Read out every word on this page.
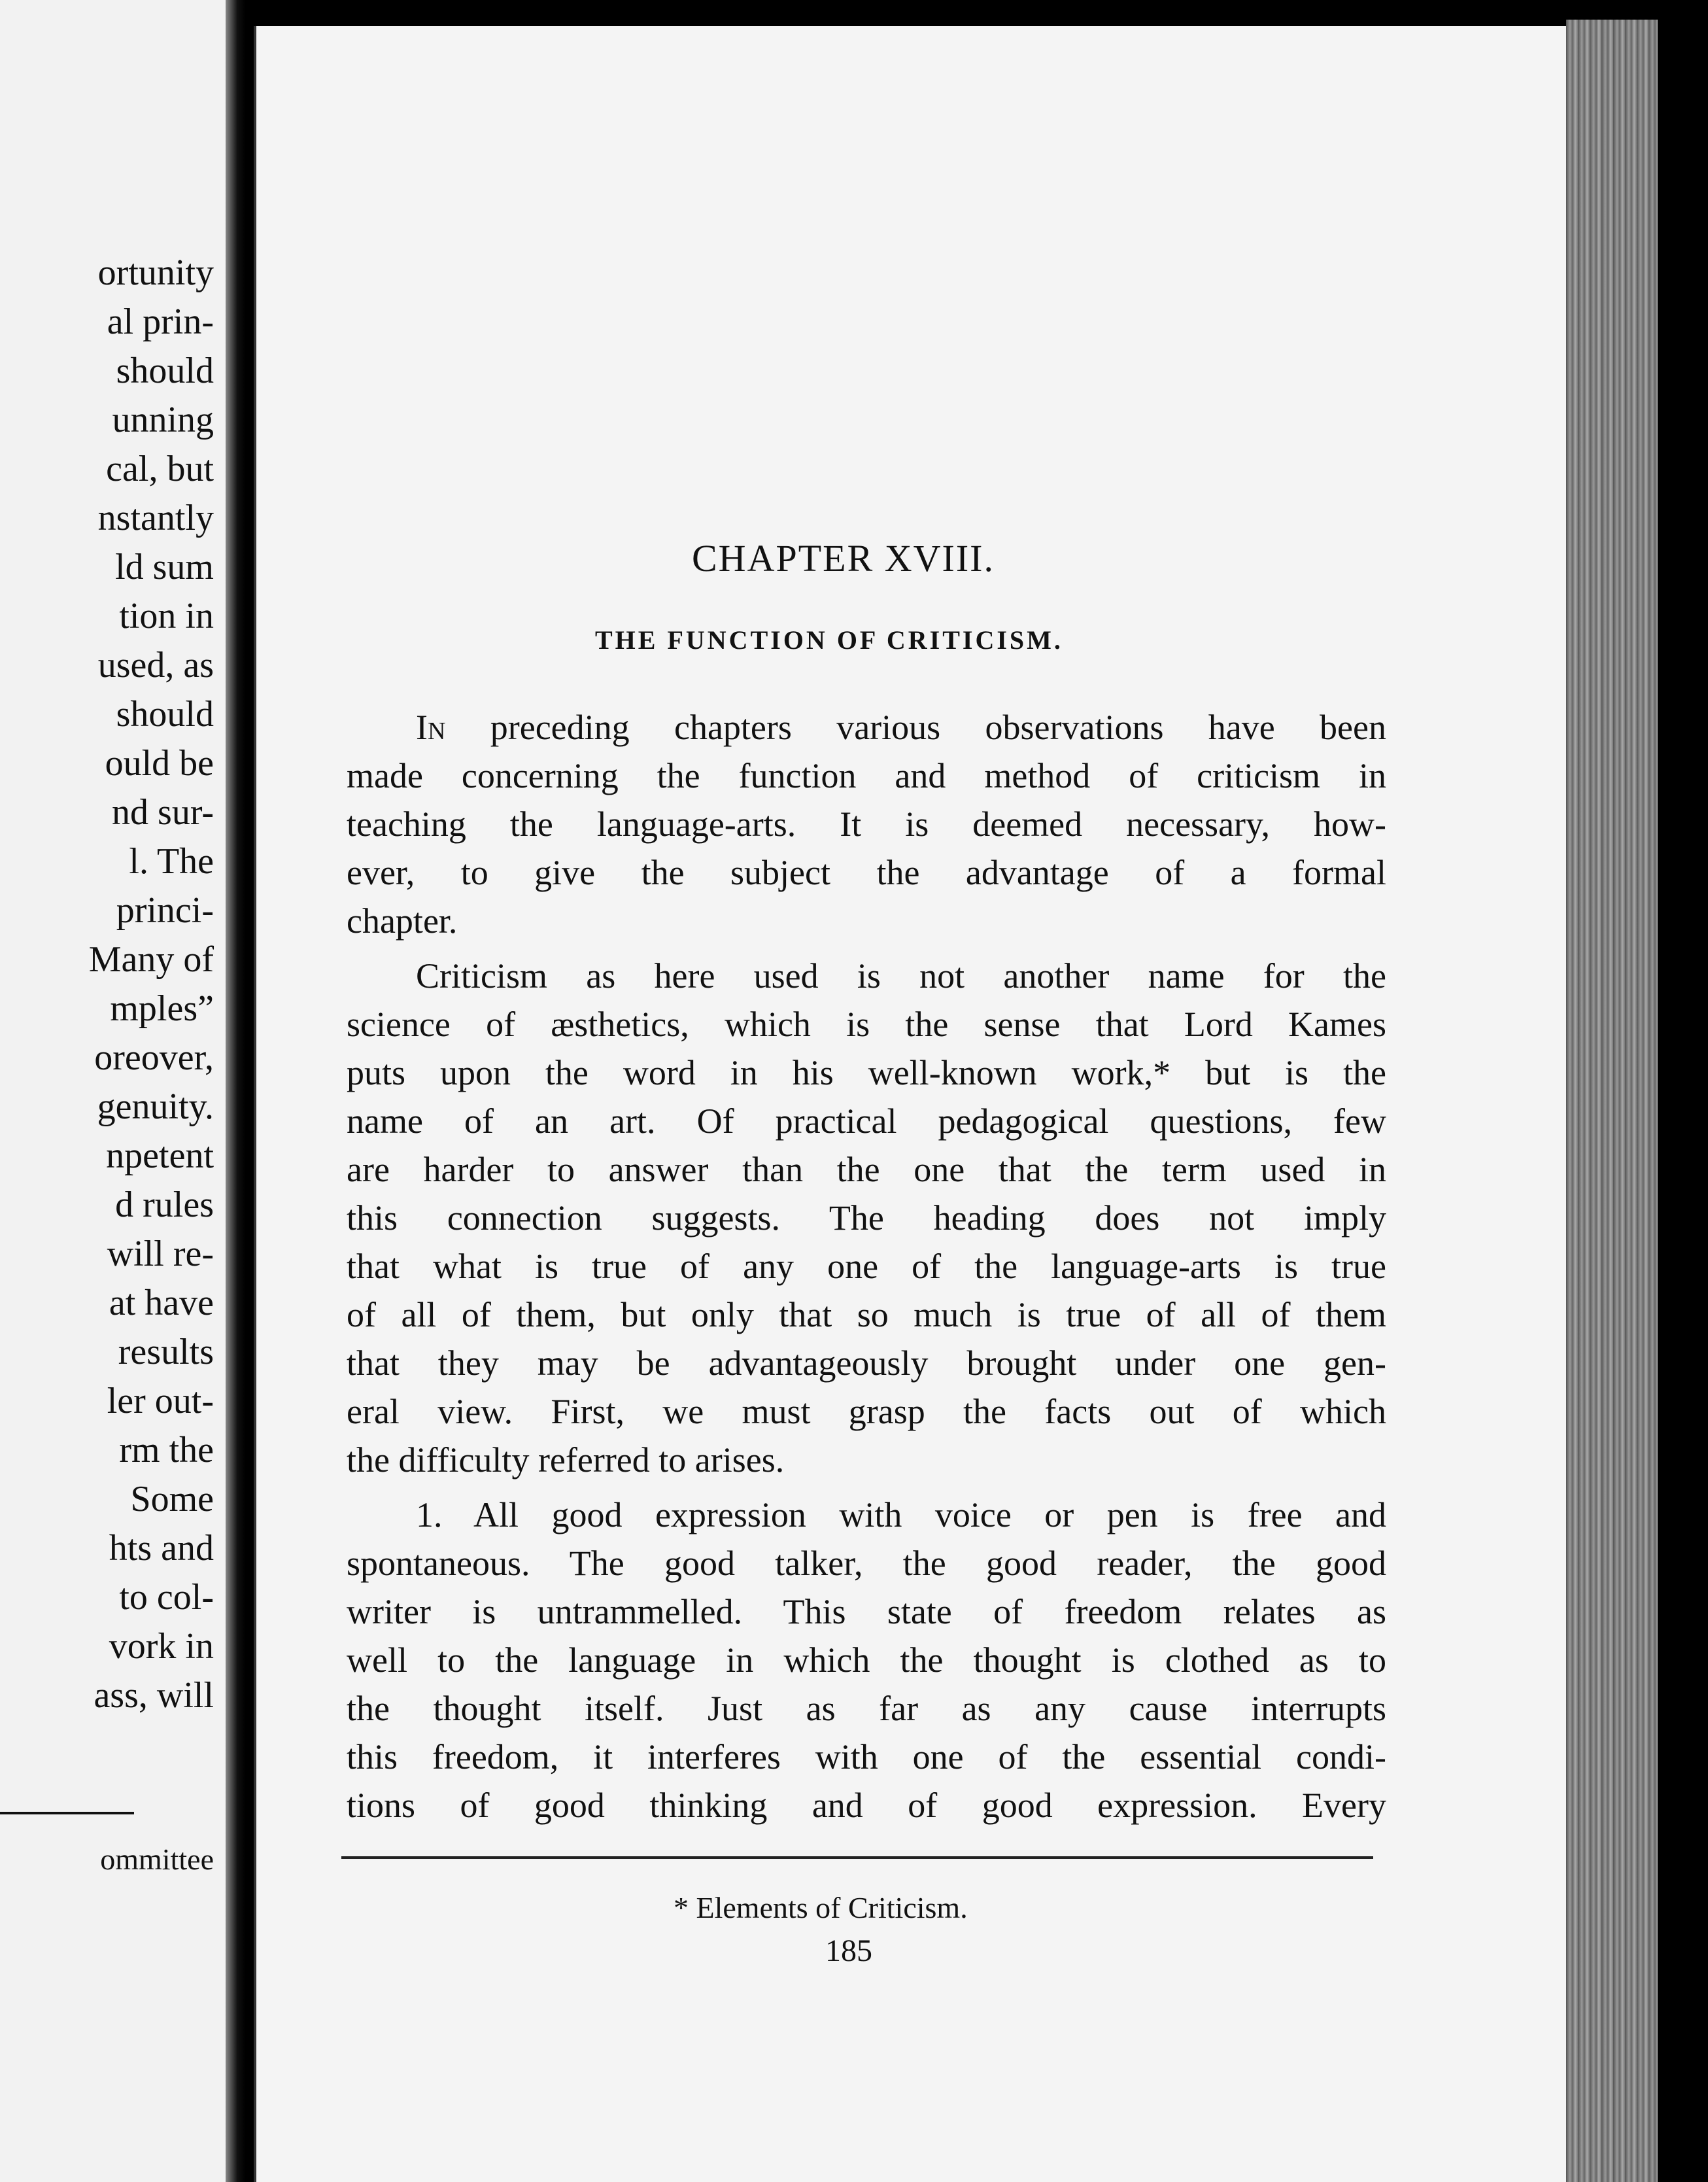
ortunity
al prin-
should
unning
cal, but
nstantly
ld sum
tion in
used, as
should
ould be
nd sur-
l. The
princi-
Many of
mples”
oreover,
genuity.
npetent
d rules
will re-
at have
results
ler out-
rm the
Some
hts and
to col-
vork in
ass, will
ommittee
CHAPTER XVIII.
THE FUNCTION OF CRITICISM.
In preceding chapters various observations have been
made concerning the function and method of criticism in
teaching the language-arts. It is deemed necessary, how-
ever, to give the subject the advantage of a formal
chapter.
Criticism as here used is not another name for the
science of æsthetics, which is the sense that Lord Kames
puts upon the word in his well-known work,* but is the
name of an art. Of practical pedagogical questions, few
are harder to answer than the one that the term used in
this connection suggests. The heading does not imply
that what is true of any one of the language-arts is true
of all of them, but only that so much is true of all of them
that they may be advantageously brought under one gen-
eral view. First, we must grasp the facts out of which
the difficulty referred to arises.
1. All good expression with voice or pen is free and
spontaneous. The good talker, the good reader, the good
writer is untrammelled. This state of freedom relates as
well to the language in which the thought is clothed as to
the thought itself. Just as far as any cause interrupts
this freedom, it interferes with one of the essential condi-
tions of good thinking and of good expression. Every
* Elements of Criticism.
185
